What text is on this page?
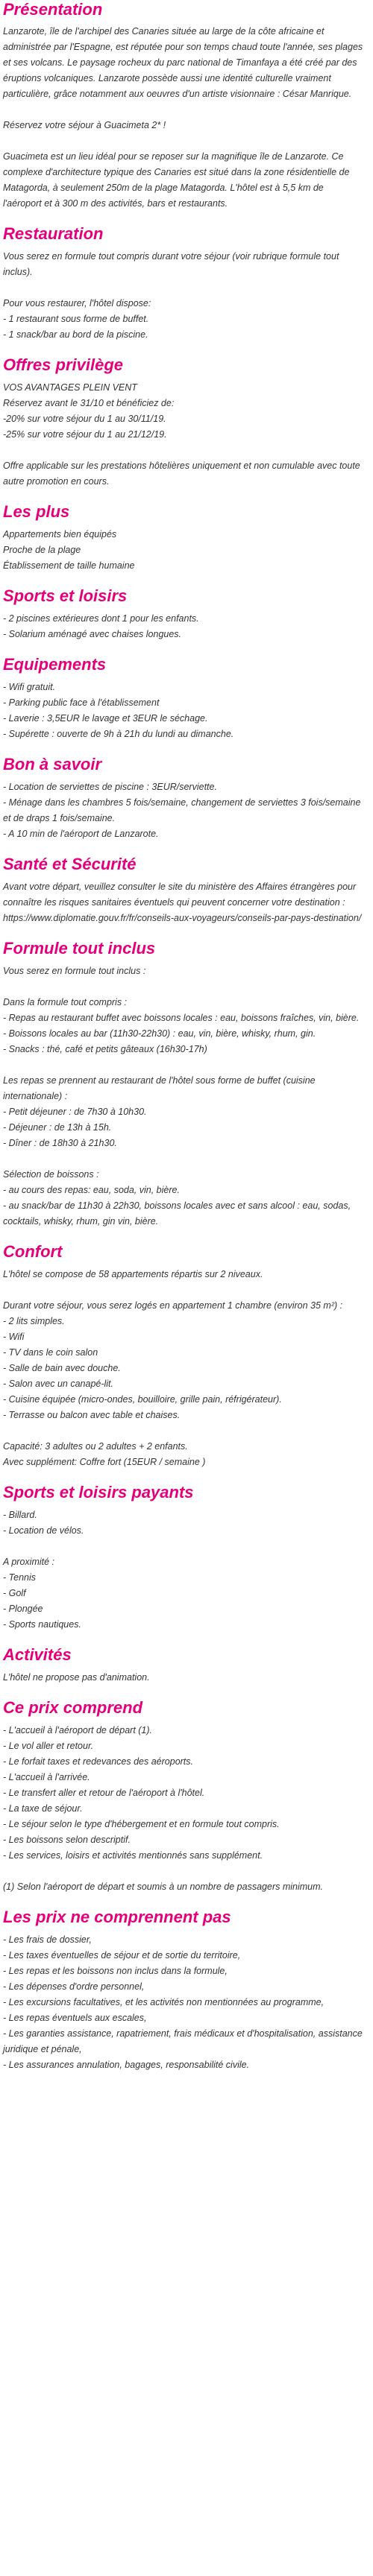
Présentation

Lanzarote, île de l'archipel des Canaries située au large de la côte africaine et administrée par l'Espagne, est réputée pour son temps chaud toute l'année, ses plages et ses volcans. Le paysage rocheux du parc national de Timanfaya a été créé par des éruptions volcaniques. Lanzarote possède aussi une identité culturelle vraiment particulière, grâce notamment aux oeuvres d'un artiste visionnaire : César Manrique.

Réservez votre séjour à Guacimeta 2* !

Guacimeta est un lieu idéal pour se reposer sur la magnifique île de Lanzarote. Ce complexe d'architecture typique des Canaries est situé dans la zone résidentielle de Matagorda, à seulement 250m de la plage Matagorda. L'hôtel est à 5,5 km de l'aéroport et à 300 m des activités, bars et restaurants.

Restauration

Vous serez en formule tout compris durant votre séjour (voir rubrique formule tout inclus).

Pour vous restaurer, l'hôtel dispose:

- 1 restaurant sous forme de buffet.

- 1 snack/bar au bord de la piscine.

Offres privilège

VOS AVANTAGES PLEIN VENT

Réservez avant le 31/10 et bénéficiez de:

-20% sur votre séjour du 1 au 30/11/19.

-25% sur votre séjour du 1 au 21/12/19.

Offre applicable sur les prestations hôtelières uniquement et non cumulable avec toute autre promotion en cours.

Les plus

Appartements bien équipés

Proche de la plage

Établissement de taille humaine

Sports et loisirs

- 2 piscines extérieures dont 1 pour les enfants.

- Solarium aménagé avec chaises longues.

Equipements

- Wifi gratuit.

- Parking public face à l'établissement

- Laverie : 3,5EUR le lavage et 3EUR le séchage.

- Supérette : ouverte de 9h à 21h du lundi au dimanche.

Bon à savoir

- Location de serviettes de piscine : 3EUR/serviette.

- Ménage dans les chambres 5 fois/semaine, changement de serviettes 3 fois/semaine et de draps 1 fois/semaine.

- A 10 min de l'aéroport de Lanzarote.

Santé et Sécurité

Avant votre départ, veuillez consulter le site du ministère des Affaires étrangères pour connaître les risques sanitaires éventuels qui peuvent concerner votre destination : https://www.diplomatie.gouv.fr/fr/conseils-aux-voyageurs/conseils-par-pays-destination/

Formule tout inclus

Vous serez en formule tout inclus :

Dans la formule tout compris :

- Repas au restaurant buffet avec boissons locales : eau, boissons fraîches, vin, bière.

- Boissons locales au bar (11h30-22h30) : eau, vin, bière, whisky, rhum, gin.

- Snacks : thé, café et petits gâteaux (16h30-17h)

Les repas se prennent au restaurant de l'hôtel sous forme de buffet (cuisine internationale) :

- Petit déjeuner : de 7h30 à 10h30.

- Déjeuner : de 13h à 15h.

- Dîner : de 18h30 à 21h30.

Sélection de boissons :

- au cours des repas: eau, soda, vin, bière.

- au snack/bar de 11h30 à 22h30, boissons locales avec et sans alcool : eau, sodas, cocktails, whisky, rhum, gin vin, bière.

Confort

L'hôtel se compose de 58 appartements répartis sur 2 niveaux.

Durant votre séjour, vous serez logés en appartement 1 chambre (environ 35 m²) :

- 2 lits simples.

- Wifi

- TV dans le coin salon

- Salle de bain avec douche.

- Salon avec un canapé-lit.

- Cuisine équipée (micro-ondes, bouilloire, grille pain, réfrigérateur).

- Terrasse ou balcon avec table et chaises.

Capacité: 3 adultes ou 2 adultes + 2 enfants.

Avec supplément: Coffre fort (15EUR / semaine )

Sports et loisirs payants

- Billard.

- Location de vélos.

A proximité :

- Tennis

- Golf

- Plongée

- Sports nautiques.

Activités

L'hôtel ne propose pas d'animation.

Ce prix comprend

- L'accueil à l'aéroport de départ (1).

- Le vol aller et retour.

- Le forfait taxes et redevances des aéroports.

- L'accueil à l'arrivée.

- Le transfert aller et retour de l'aéroport à l'hôtel.

- La taxe de séjour.

- Le séjour selon le type d'hébergement et en formule tout compris.

- Les boissons selon descriptif.

- Les services, loisirs et activités mentionnés sans supplément.

(1) Selon l'aéroport de départ et soumis à un nombre de passagers minimum.

Les prix ne comprennent pas

- Les frais de dossier,

- Les taxes éventuelles de séjour et de sortie du territoire,

- Les repas et les boissons non inclus dans la formule,

- Les dépenses d'ordre personnel,

- Les excursions facultatives, et les activités non mentionnées au programme,

- Les repas éventuels aux escales,

- Les garanties assistance, rapatriement, frais médicaux et d'hospitalisation, assistance juridique et pénale,

- Les assurances annulation, bagages, responsabilité civile.
